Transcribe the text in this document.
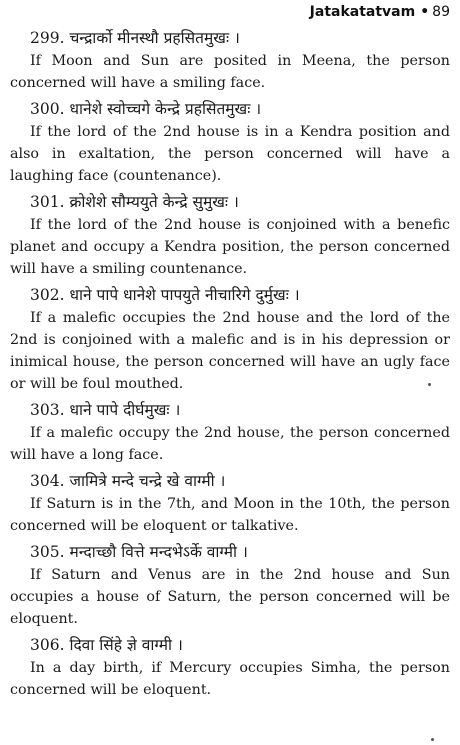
Jatakatatvam • 89

299. चन्द्रार्को मीनस्थौ प्रहसितमुखः ।

If Moon and Sun are posited in Meena, the person concerned will have a smiling face.

300. धानेशे स्वोच्चगे केन्द्रे प्रहसितमुखः ।

If the lord of the 2nd house is in a Kendra position and also in exaltation, the person concerned will have a laughing face (countenance).

301. क्रोशेशे सौम्ययुते केन्द्रे सुमुखः ।

If the lord of the 2nd house is conjoined with a benefic planet and occupy a Kendra position, the person concerned will have a smiling countenance.

302. धाने पापे धानेशे पापयुते नीचारिगे दुर्मुखः ।

If a malefic occupies the 2nd house and the lord of the 2nd is conjoined with a malefic and is in his depression or inimical house, the person concerned will have an ugly face or will be foul mouthed.

303. धाने पापे दीर्घमुखः ।

If a malefic occupy the 2nd house, the person concerned will have a long face.

304. जामित्रे मन्दे चन्द्रे खे वाग्मी ।

If Saturn is in the 7th, and Moon in the 10th, the person concerned will be eloquent or talkative.

305. मन्दाच्छौ वित्ते मन्दभेऽर्के वाग्मी ।

If Saturn and Venus are in the 2nd house and Sun occupies a house of Saturn, the person concerned will be eloquent.

306. दिवा सिंहे ज्ञे वाग्मी ।

In a day birth, if Mercury occupies Simha, the person concerned will be eloquent.
